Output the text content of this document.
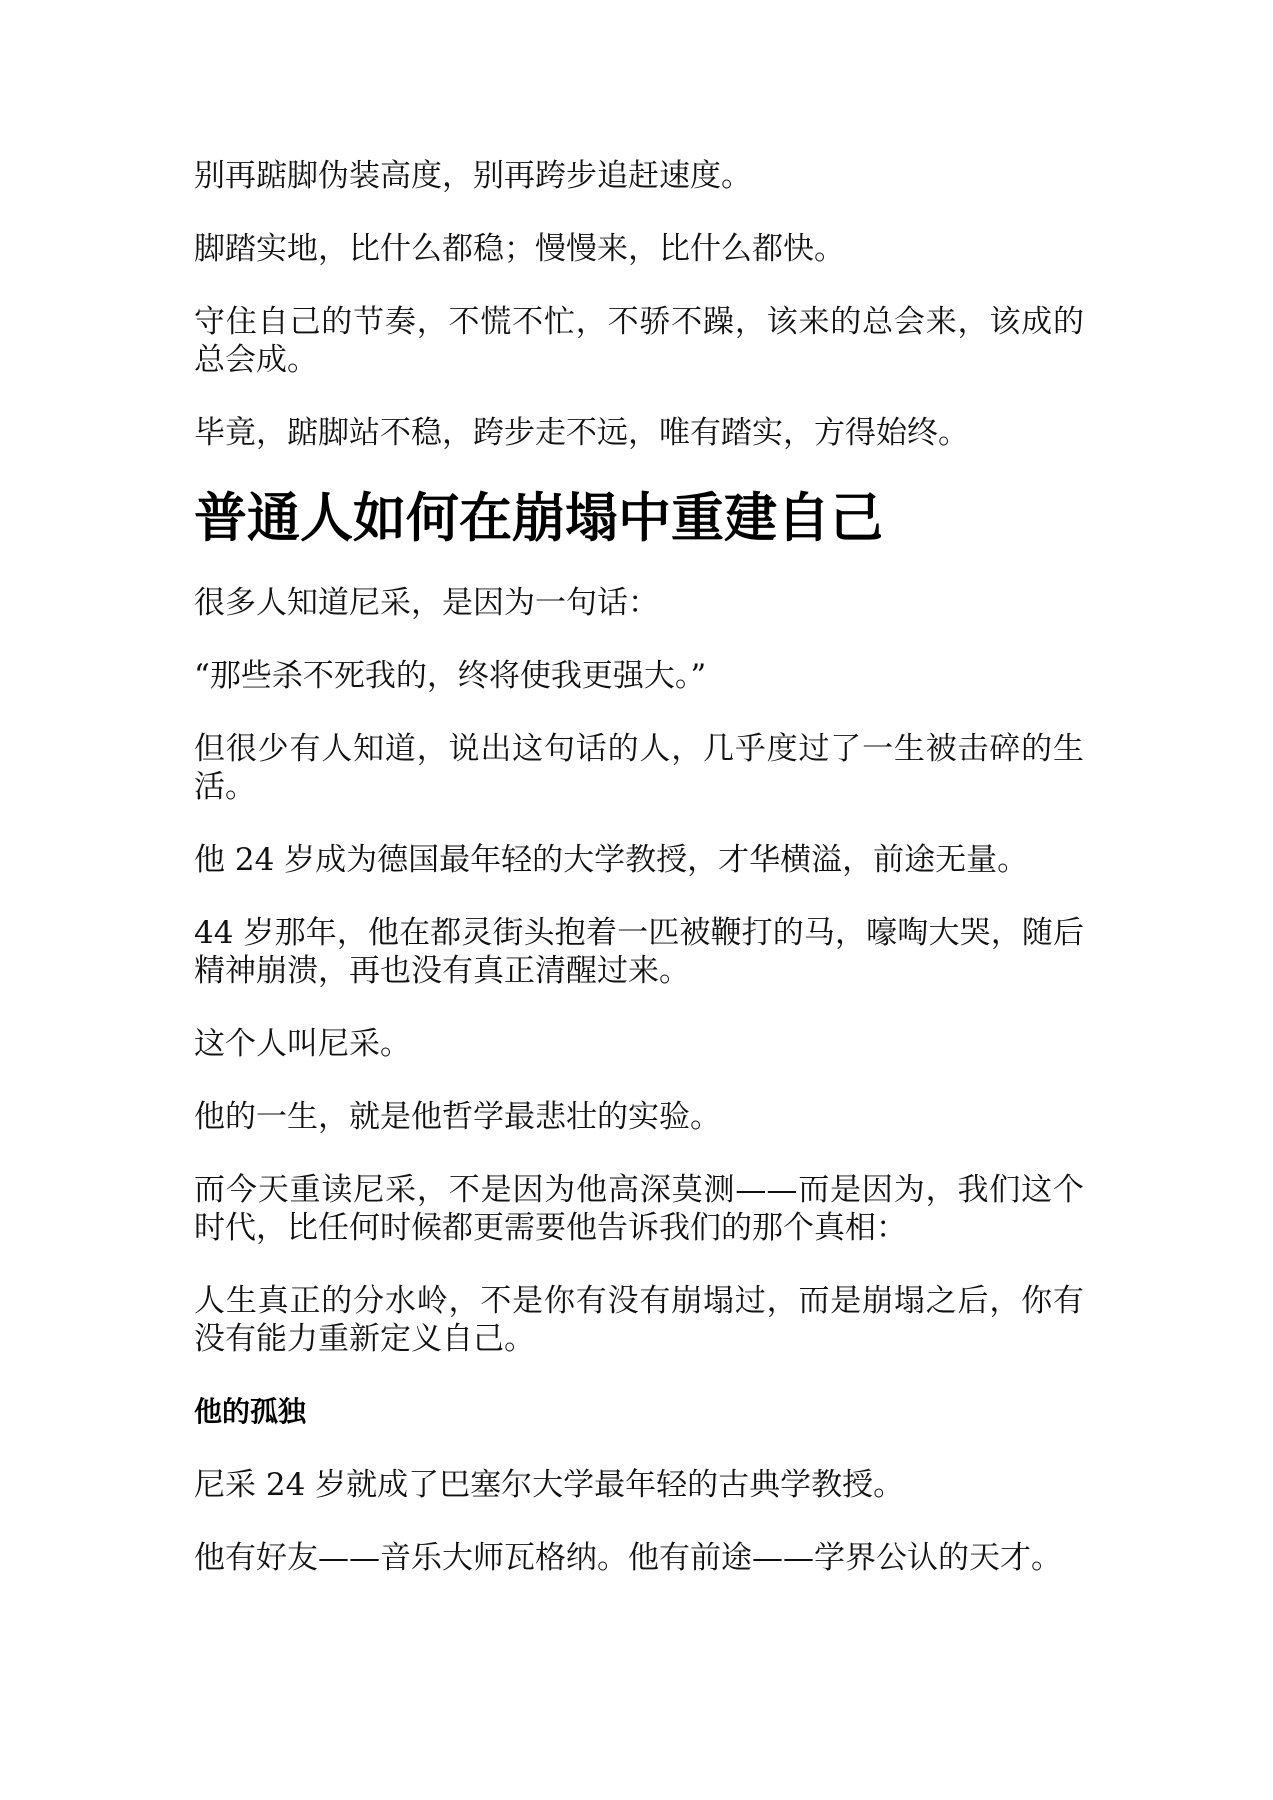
别再踮脚伪装高度，别再跨步追赶速度。

脚踏实地，比什么都稳；慢慢来，比什么都快。

守住自己的节奏，不慌不忙，不骄不躁，该来的总会来，该成的总会成。

毕竟，踮脚站不稳，跨步走不远，唯有踏实，方得始终。

普通人如何在崩塌中重建自己

很多人知道尼采，是因为一句话：

“那些杀不死我的，终将使我更强大。”

但很少有人知道，说出这句话的人，几乎度过了一生被击碎的生活。

他 24 岁成为德国最年轻的大学教授，才华横溢，前途无量。

44 岁那年，他在都灵街头抱着一匹被鞭打的马，嚎啕大哭，随后精神崩溃，再也没有真正清醒过来。

这个人叫尼采。

他的一生，就是他哲学最悲壮的实验。

而今天重读尼采，不是因为他高深莫测——而是因为，我们这个时代，比任何时候都更需要他告诉我们的那个真相：

人生真正的分水岭，不是你有没有崩塌过，而是崩塌之后，你有没有能力重新定义自己。

他的孤独

尼采 24 岁就成了巴塞尔大学最年轻的古典学教授。

他有好友——音乐大师瓦格纳。他有前途——学界公认的天才。
